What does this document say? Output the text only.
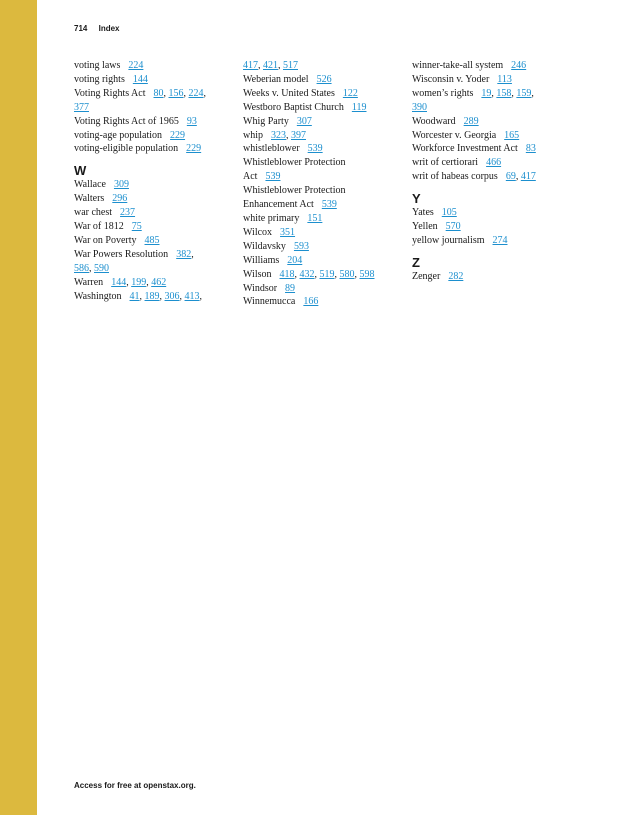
714 Index
voting laws 224
voting rights 144
Voting Rights Act 80, 156, 224,
377
Voting Rights Act of 1965 93
voting-age population 229
voting-eligible population 229
W
Wallace 309
Walters 296
war chest 237
War of 1812 75
War on Poverty 485
War Powers Resolution 382,
586, 590
Warren 144, 199, 462
Washington 41, 189, 306, 413,
417, 421, 517
Weberian model 526
Weeks v. United States 122
Westboro Baptist Church 119
Whig Party 307
whip 323, 397
whistleblower 539
Whistleblower Protection
Act 539
Whistleblower Protection
Enhancement Act 539
white primary 151
Wilcox 351
Wildavsky 593
Williams 204
Wilson 418, 432, 519, 580, 598
Windsor 89
Winnemucca 166
winner-take-all system 246
Wisconsin v. Yoder 113
women’s rights 19, 158, 159,
390
Woodward 289
Worcester v. Georgia 165
Workforce Investment Act 83
writ of certiorari 466
writ of habeas corpus 69, 417
Y
Yates 105
Yellen 570
yellow journalism 274
Z
Zenger 282
Access for free at openstax.org.
